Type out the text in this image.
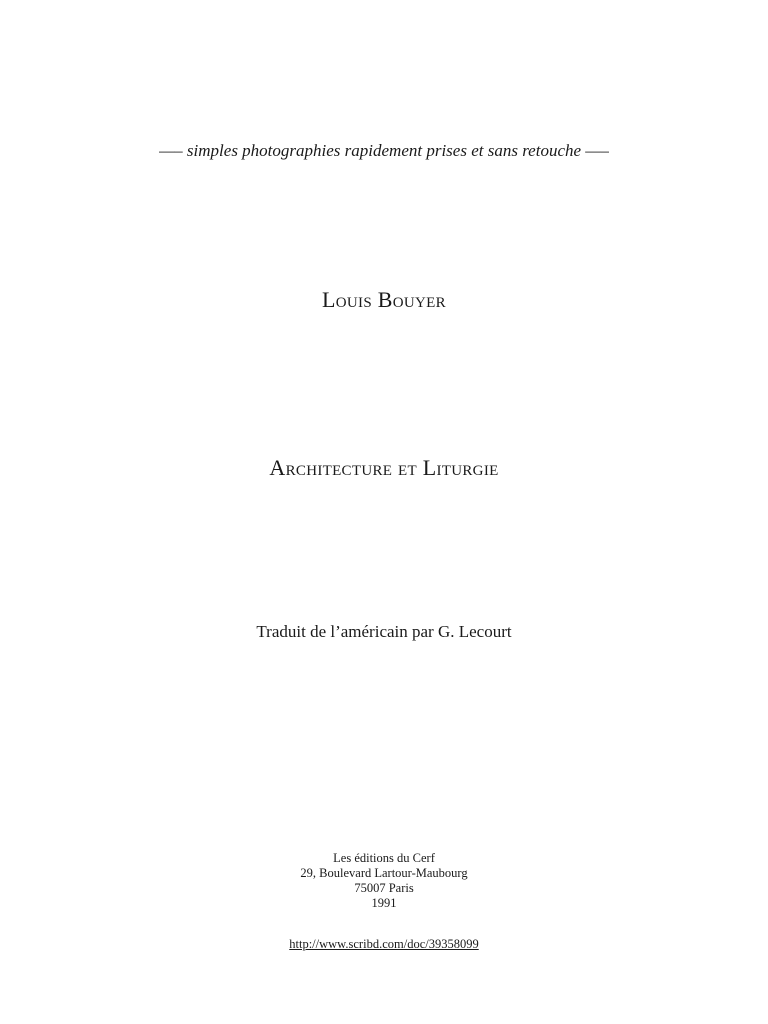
—– simples photographies rapidement prises et sans retouche —–
Louis Bouyer
Architecture et Liturgie
Traduit de l’américain par G. Lecourt
Les éditions du Cerf
29, Boulevard Lartour-Maubourg
75007 Paris
1991
http://www.scribd.com/doc/39358099
